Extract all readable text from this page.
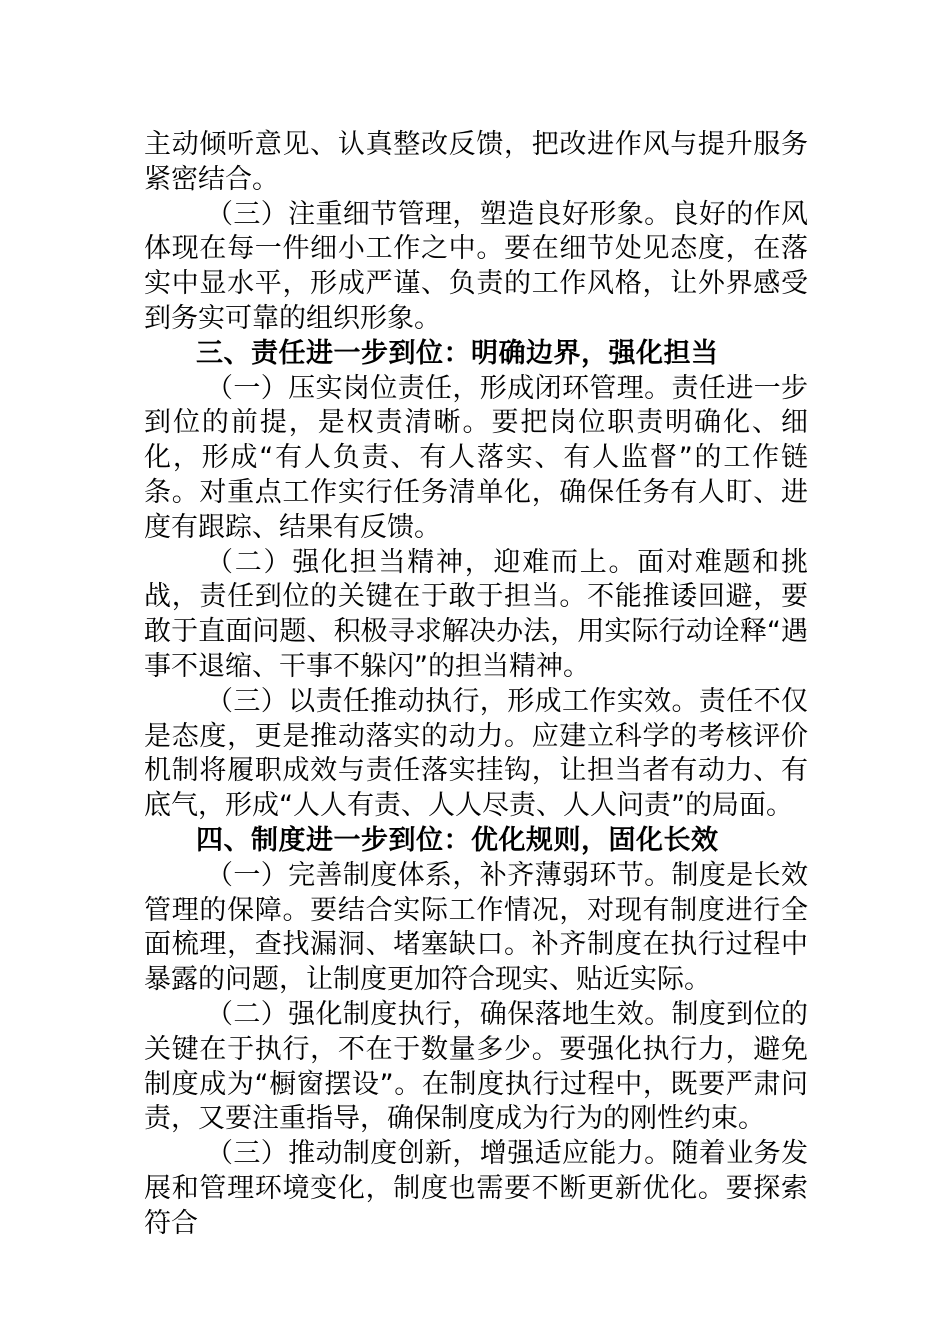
主动倾听意见、认真整改反馈，把改进作风与提升服务紧密结合。

（三）注重细节管理，塑造良好形象。良好的作风体现在每一件细小工作之中。要在细节处见态度，在落实中显水平，形成严谨、负责的工作风格，让外界感受到务实可靠的组织形象。

三、责任进一步到位：明确边界，强化担当

（一）压实岗位责任，形成闭环管理。责任进一步到位的前提，是权责清晰。要把岗位职责明确化、细化，形成“有人负责、有人落实、有人监督”的工作链条。对重点工作实行任务清单化，确保任务有人盯、进度有跟踪、结果有反馈。

（二）强化担当精神，迎难而上。面对难题和挑战，责任到位的关键在于敢于担当。不能推诿回避，要敢于直面问题、积极寻求解决办法，用实际行动诠释“遇事不退缩、干事不躲闪”的担当精神。

（三）以责任推动执行，形成工作实效。责任不仅是态度，更是推动落实的动力。应建立科学的考核评价机制将履职成效与责任落实挂钩，让担当者有动力、有底气，形成“人人有责、人人尽责、人人问责”的局面。

四、制度进一步到位：优化规则，固化长效

（一）完善制度体系，补齐薄弱环节。制度是长效管理的保障。要结合实际工作情况，对现有制度进行全面梳理，查找漏洞、堵塞缺口。补齐制度在执行过程中暴露的问题，让制度更加符合现实、贴近实际。

（二）强化制度执行，确保落地生效。制度到位的关键在于执行，不在于数量多少。要强化执行力，避免制度成为“橱窗摆设”。在制度执行过程中，既要严肃问责，又要注重指导，确保制度成为行为的刚性约束。

（三）推动制度创新，增强适应能力。随着业务发展和管理环境变化，制度也需要不断更新优化。要探索符合
